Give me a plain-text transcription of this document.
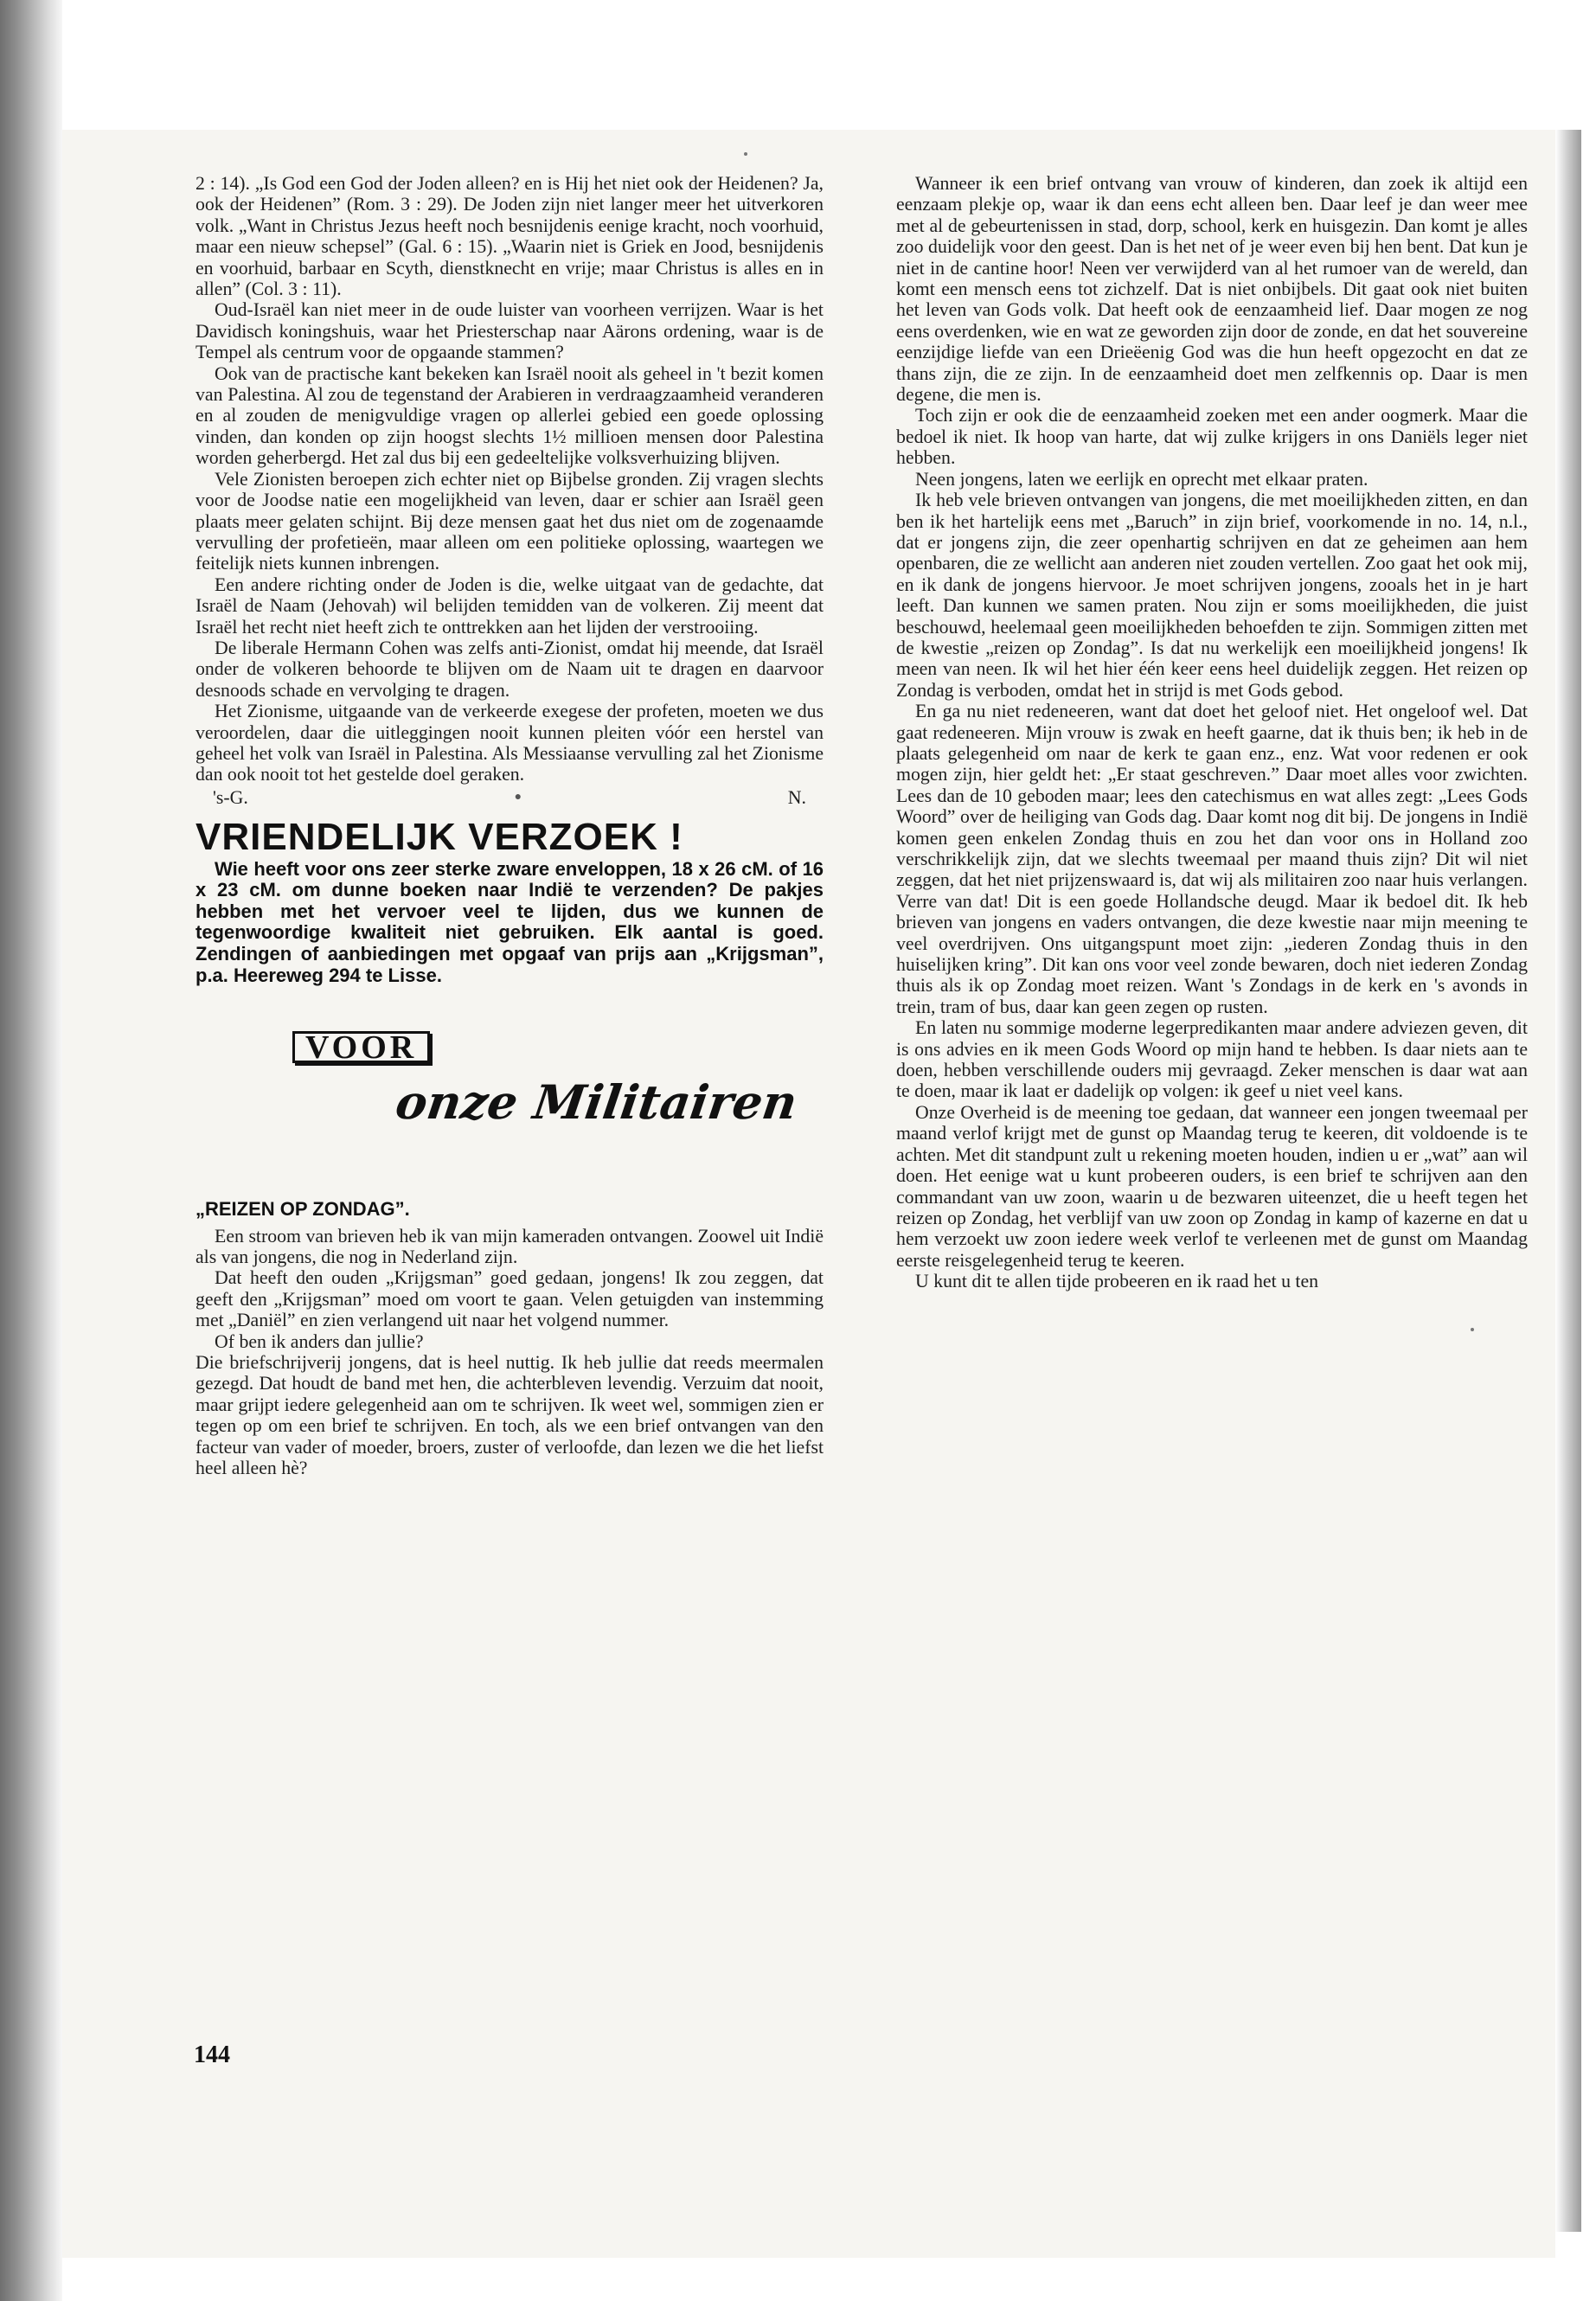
2 : 14). „Is God een God der Joden alleen? en is Hij het niet ook der Heidenen? Ja, ook der Heidenen” (Rom. 3 : 29). De Joden zijn niet langer meer het uitverkoren volk. „Want in Christus Jezus heeft noch besnijdenis eenige kracht, noch voorhuid, maar een nieuw schepsel” (Gal. 6 : 15). „Waarin niet is Griek en Jood, besnijdenis en voorhuid, barbaar en Scyth, dienstknecht en vrije; maar Christus is alles en in allen” (Col. 3 : 11).

Oud-Israël kan niet meer in de oude luister van voorheen verrijzen. Waar is het Davidisch koningshuis, waar het Priesterschap naar Aärons ordening, waar is de Tempel als centrum voor de opgaande stammen?

Ook van de practische kant bekeken kan Israël nooit als geheel in 't bezit komen van Palestina. Al zou de tegenstand der Arabieren in verdraagzaamheid veranderen en al zouden de menigvuldige vragen op allerlei gebied een goede oplossing vinden, dan konden op zijn hoogst slechts 1½ millioen mensen door Palestina worden geherbergd. Het zal dus bij een gedeeltelijke volksverhuizing blijven.

Vele Zionisten beroepen zich echter niet op Bijbelse gronden. Zij vragen slechts voor de Joodse natie een mogelijkheid van leven, daar er schier aan Israël geen plaats meer gelaten schijnt. Bij deze mensen gaat het dus niet om de zogenaamde vervulling der profetieën, maar alleen om een politieke oplossing, waartegen we feitelijk niets kunnen inbrengen.

Een andere richting onder de Joden is die, welke uitgaat van de gedachte, dat Israël de Naam (Jehovah) wil belijden temidden van de volkeren. Zij meent dat Israël het recht niet heeft zich te onttrekken aan het lijden der verstrooiing.

De liberale Hermann Cohen was zelfs anti-Zionist, omdat hij meende, dat Israël onder de volkeren behoorde te blijven om de Naam uit te dragen en daarvoor desnoods schade en vervolging te dragen.

Het Zionisme, uitgaande van de verkeerde exegese der profeten, moeten we dus veroordelen, daar die uitleggingen nooit kunnen pleiten vóór een herstel van geheel het volk van Israël in Palestina. Als Messiaanse vervulling zal het Zionisme dan ook nooit tot het gestelde doel geraken.

's-G.	●	N.
VRIENDELIJK VERZOEK !

Wie heeft voor ons zeer sterke zware enveloppen, 18 x 26 cM. of 16 x 23 cM. om dunne boeken naar Indië te verzenden? De pakjes hebben met het vervoer veel te lijden, dus we kunnen de tegenwoordige kwaliteit niet gebruiken. Elk aantal is goed. Zendingen of aanbiedingen met opgaaf van prijs aan „Krijgsman”, p.a. Heereweg 294 te Lisse.

VOOR
onze Militairen
„REIZEN OP ZONDAG”.

Een stroom van brieven heb ik van mijn kameraden ontvangen. Zoowel uit Indië als van jongens, die nog in Nederland zijn.

Dat heeft den ouden „Krijgsman” goed gedaan, jongens! Ik zou zeggen, dat geeft den „Krijgsman” moed om voort te gaan. Velen getuigden van instemming met „Daniël” en zien verlangend uit naar het volgend nummer.

Of ben ik anders dan jullie?

Die briefschrijverij jongens, dat is heel nuttig. Ik heb jullie dat reeds meermalen gezegd. Dat houdt de band met hen, die achterbleven levendig. Verzuim dat nooit, maar grijpt iedere gelegenheid aan om te schrijven. Ik weet wel, sommigen zien er tegen op om een brief te schrijven. En toch, als we een brief ontvangen van den facteur van vader of moeder, broers, zuster of verloofde, dan lezen we die het liefst heel alleen hè?

Wanneer ik een brief ontvang van vrouw of kinderen, dan zoek ik altijd een eenzaam plekje op, waar ik dan eens echt alleen ben. Daar leef je dan weer mee met al de gebeurtenissen in stad, dorp, school, kerk en huisgezin. Dan komt je alles zoo duidelijk voor den geest. Dan is het net of je weer even bij hen bent. Dat kun je niet in de cantine hoor! Neen ver verwijderd van al het rumoer van de wereld, dan komt een mensch eens tot zichzelf. Dat is niet onbijbels. Dit gaat ook niet buiten het leven van Gods volk. Dat heeft ook de eenzaamheid lief. Daar mogen ze nog eens overdenken, wie en wat ze geworden zijn door de zonde, en dat het souvereine eenzijdige liefde van een Drieëenig God was die hun heeft opgezocht en dat ze thans zijn, die ze zijn. In de eenzaamheid doet men zelfkennis op. Daar is men degene, die men is.

Toch zijn er ook die de eenzaamheid zoeken met een ander oogmerk. Maar die bedoel ik niet. Ik hoop van harte, dat wij zulke krijgers in ons Daniëls leger niet hebben.

Neen jongens, laten we eerlijk en oprecht met elkaar praten.

Ik heb vele brieven ontvangen van jongens, die met moeilijkheden zitten, en dan ben ik het hartelijk eens met „Baruch” in zijn brief, voorkomende in no. 14, n.l., dat er jongens zijn, die zeer openhartig schrijven en dat ze geheimen aan hem openbaren, die ze wellicht aan anderen niet zouden vertellen. Zoo gaat het ook mij, en ik dank de jongens hiervoor. Je moet schrijven jongens, zooals het in je hart leeft. Dan kunnen we samen praten. Nou zijn er soms moeilijkheden, die juist beschouwd, heelemaal geen moeilijkheden behoefden te zijn. Sommigen zitten met de kwestie „reizen op Zondag”. Is dat nu werkelijk een moeilijkheid jongens! Ik meen van neen. Ik wil het hier één keer eens heel duidelijk zeggen. Het reizen op Zondag is verboden, omdat het in strijd is met Gods gebod.

En ga nu niet redeneeren, want dat doet het geloof niet. Het ongeloof wel. Dat gaat redeneeren. Mijn vrouw is zwak en heeft gaarne, dat ik thuis ben; ik heb in de plaats gelegenheid om naar de kerk te gaan enz., enz. Wat voor redenen er ook mogen zijn, hier geldt het: „Er staat geschreven.” Daar moet alles voor zwichten. Lees dan de 10 geboden maar; lees den catechismus en wat alles zegt: „Lees Gods Woord” over de heiliging van Gods dag. Daar komt nog dit bij. De jongens in Indië komen geen enkelen Zondag thuis en zou het dan voor ons in Holland zoo verschrikkelijk zijn, dat we slechts tweemaal per maand thuis zijn? Dit wil niet zeggen, dat het niet prijzenswaard is, dat wij als militairen zoo naar huis verlangen. Verre van dat! Dit is een goede Hollandsche deugd. Maar ik bedoel dit. Ik heb brieven van jongens en vaders ontvangen, die deze kwestie naar mijn meening te veel overdrijven. Ons uitgangspunt moet zijn: „iederen Zondag thuis in den huiselijken kring”. Dit kan ons voor veel zonde bewaren, doch niet iederen Zondag thuis als ik op Zondag moet reizen. Want 's Zondags in de kerk en 's avonds in trein, tram of bus, daar kan geen zegen op rusten.

En laten nu sommige moderne legerpredikanten maar andere adviezen geven, dit is ons advies en ik meen Gods Woord op mijn hand te hebben. Is daar niets aan te doen, hebben verschillende ouders mij gevraagd. Zeker menschen is daar wat aan te doen, maar ik laat er dadelijk op volgen: ik geef u niet veel kans.

Onze Overheid is de meening toe gedaan, dat wanneer een jongen tweemaal per maand verlof krijgt met de gunst op Maandag terug te keeren, dit voldoende is te achten. Met dit standpunt zult u rekening moeten houden, indien u er „wat” aan wil doen. Het eenige wat u kunt probeeren ouders, is een brief te schrijven aan den commandant van uw zoon, waarin u de bezwaren uiteenzet, die u heeft tegen het reizen op Zondag, het verblijf van uw zoon op Zondag in kamp of kazerne en dat u hem verzoekt uw zoon iedere week verlof te verleenen met de gunst om Maandag eerste reisgelegenheid terug te keeren.

U kunt dit te allen tijde probeeren en ik raad het u ten

144
